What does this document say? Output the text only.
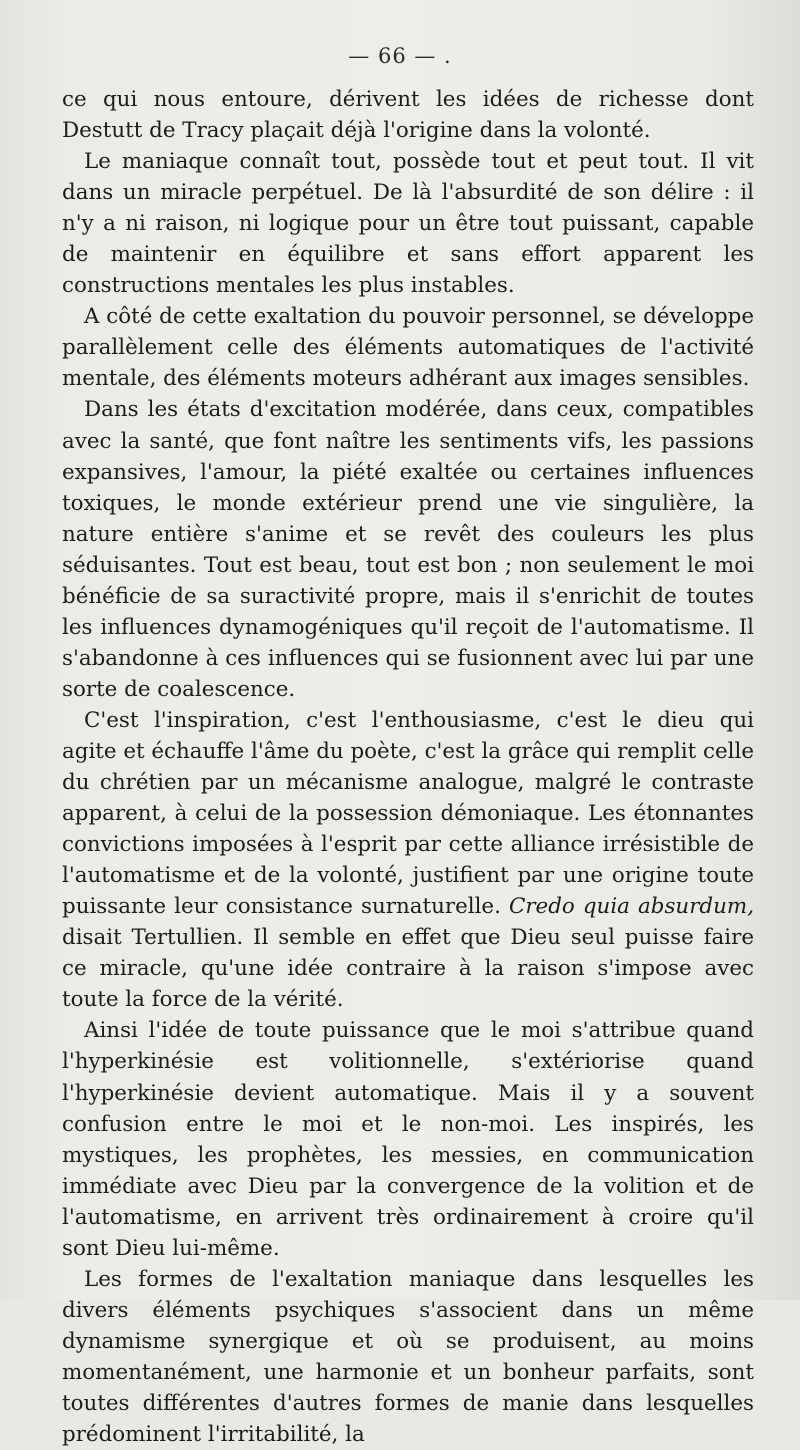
— 66 — .

ce qui nous entoure, dérivent les idées de richesse dont Destutt de Tracy plaçait déjà l'origine dans la volonté.

Le maniaque connaît tout, possède tout et peut tout. Il vit dans un miracle perpétuel. De là l'absurdité de son délire : il n'y a ni raison, ni logique pour un être tout puissant, capable de maintenir en équilibre et sans effort apparent les constructions mentales les plus instables.

A côté de cette exaltation du pouvoir personnel, se développe parallèlement celle des éléments automatiques de l'activité mentale, des éléments moteurs adhérant aux images sensibles.

Dans les états d'excitation modérée, dans ceux, compatibles avec la santé, que font naître les sentiments vifs, les passions expansives, l'amour, la piété exaltée ou certaines influences toxiques, le monde extérieur prend une vie singulière, la nature entière s'anime et se revêt des couleurs les plus séduisantes. Tout est beau, tout est bon ; non seulement le moi bénéficie de sa suractivité propre, mais il s'enrichit de toutes les influences dynamogéniques qu'il reçoit de l'automatisme. Il s'abandonne à ces influences qui se fusionnent avec lui par une sorte de coalescence.

C'est l'inspiration, c'est l'enthousiasme, c'est le dieu qui agite et échauffe l'âme du poète, c'est la grâce qui remplit celle du chrétien par un mécanisme analogue, malgré le contraste apparent, à celui de la possession démoniaque. Les étonnantes convictions imposées à l'esprit par cette alliance irrésistible de l'automatisme et de la volonté, justifient par une origine toute puissante leur consistance surnaturelle. Credo quia absurdum, disait Tertullien. Il semble en effet que Dieu seul puisse faire ce miracle, qu'une idée contraire à la raison s'impose avec toute la force de la vérité.

Ainsi l'idée de toute puissance que le moi s'attribue quand l'hyperkinésie est volitionnelle, s'extériorise quand l'hyperkinésie devient automatique. Mais il y a souvent confusion entre le moi et le non-moi. Les inspirés, les mystiques, les prophètes, les messies, en communication immédiate avec Dieu par la convergence de la volition et de l'automatisme, en arrivent très ordinairement à croire qu'il sont Dieu lui-même.

Les formes de l'exaltation maniaque dans lesquelles les divers éléments psychiques s'associent dans un même dynamisme synergique et où se produisent, au moins momentanément, une harmonie et un bonheur parfaits, sont toutes différentes d'autres formes de manie dans lesquelles prédominent l'irritabilité, la
